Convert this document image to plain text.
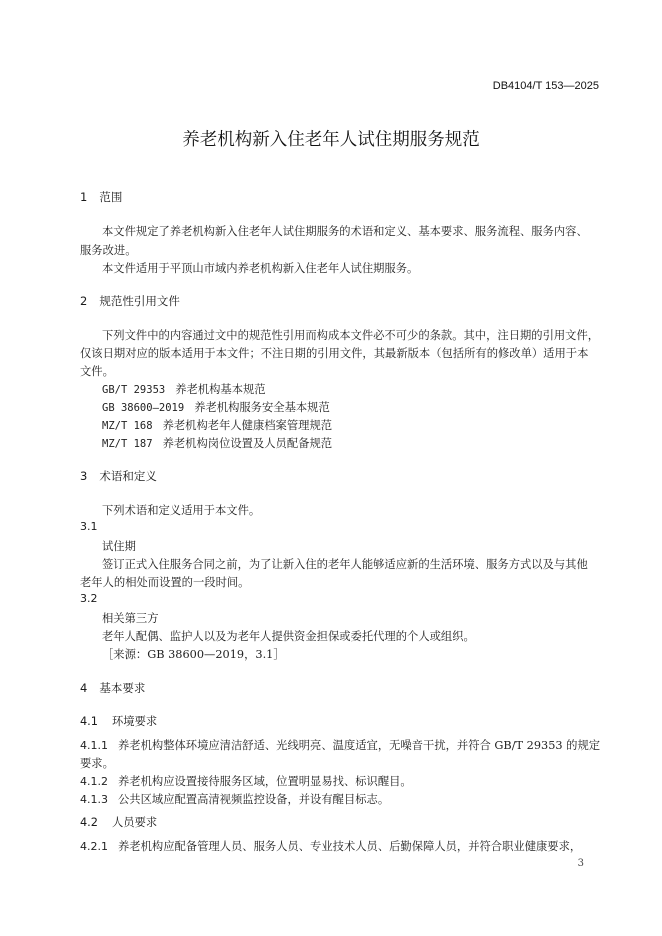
DB4104/T 153—2025
养老机构新入住老年人试住期服务规范
1 范围
本文件规定了养老机构新入住老年人试住期服务的术语和定义、基本要求、服务流程、服务内容、
服务改进。
本文件适用于平顶山市域内养老机构新入住老年人试住期服务。
2 规范性引用文件
下列文件中的内容通过文中的规范性引用而构成本文件必不可少的条款。其中，注日期的引用文件，
仅该日期对应的版本适用于本文件；不注日期的引用文件，其最新版本（包括所有的修改单）适用于本
文件。
GB/T 29353 养老机构基本规范
GB 38600—2019 养老机构服务安全基本规范
MZ/T 168 养老机构老年人健康档案管理规范
MZ/T 187 养老机构岗位设置及人员配备规范
3 术语和定义
下列术语和定义适用于本文件。
3.1
试住期
签订正式入住服务合同之前，为了让新入住的老年人能够适应新的生活环境、服务方式以及与其他
老年人的相处而设置的一段时间。
3.2
相关第三方
老年人配偶、监护人以及为老年人提供资金担保或委托代理的个人或组织。
［来源：GB 38600—2019，3.1］
4 基本要求
4.1 环境要求
4.1.1 养老机构整体环境应清洁舒适、光线明亮、温度适宜，无噪音干扰，并符合 GB/T 29353 的规定
要求。
4.1.2 养老机构应设置接待服务区域，位置明显易找、标识醒目。
4.1.3 公共区域应配置高清视频监控设备，并设有醒目标志。
4.2 人员要求
4.2.1 养老机构应配备管理人员、服务人员、专业技术人员、后勤保障人员，并符合职业健康要求，
3
